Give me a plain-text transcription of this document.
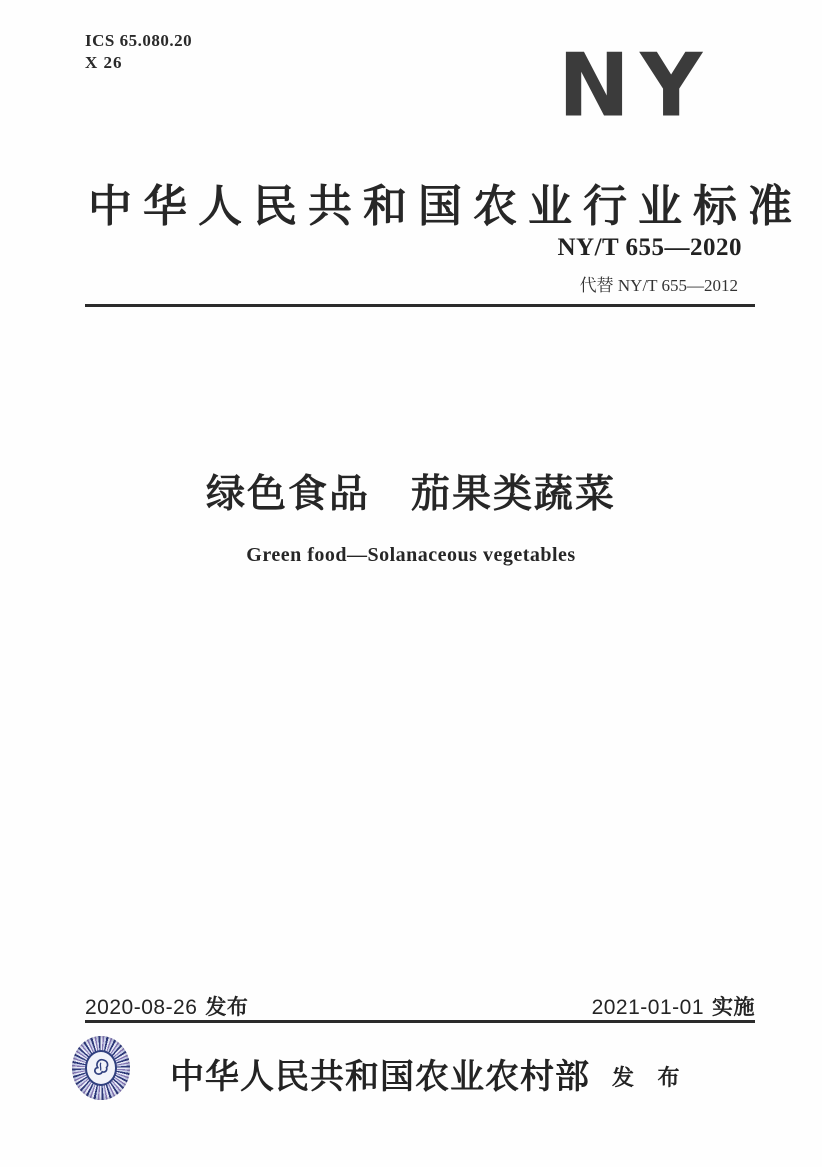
ICS 65.080.20
X 26	NY
中华人民共和国农业行业标准
NY/T 655—2020
代替 NY/T 655—2012
绿色食品　茄果类蔬菜
Green food—Solanaceous vegetables
2020-08-26 发布	2021-01-01 实施
中华人民共和国农业农村部 发 布
